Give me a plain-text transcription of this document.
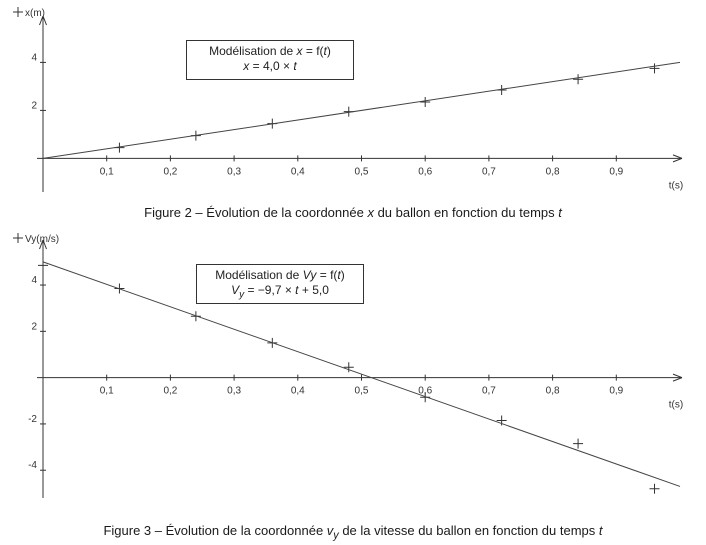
0,1	0,2	0,3	0,4	0,5	0,6	0,7	0,8	0,9
2
4
t(s)
x(m)
Modélisation de x = f(t)
x = 4,0 × t
Figure 2 – Évolution de la coordonnée x du ballon en fonction du temps t
0,1	0,2	0,3	0,4	0,5	0,6	0,7	0,8	0,9
-4
-2
2
4
t(s)
Vy(m/s)
Modélisation de Vy = f(t)
$V_y = -9,7 \times t + 5,0$
Figure 3 – Évolution de la coordonnée $v_y$ de la vitesse du ballon en fonction du temps t
